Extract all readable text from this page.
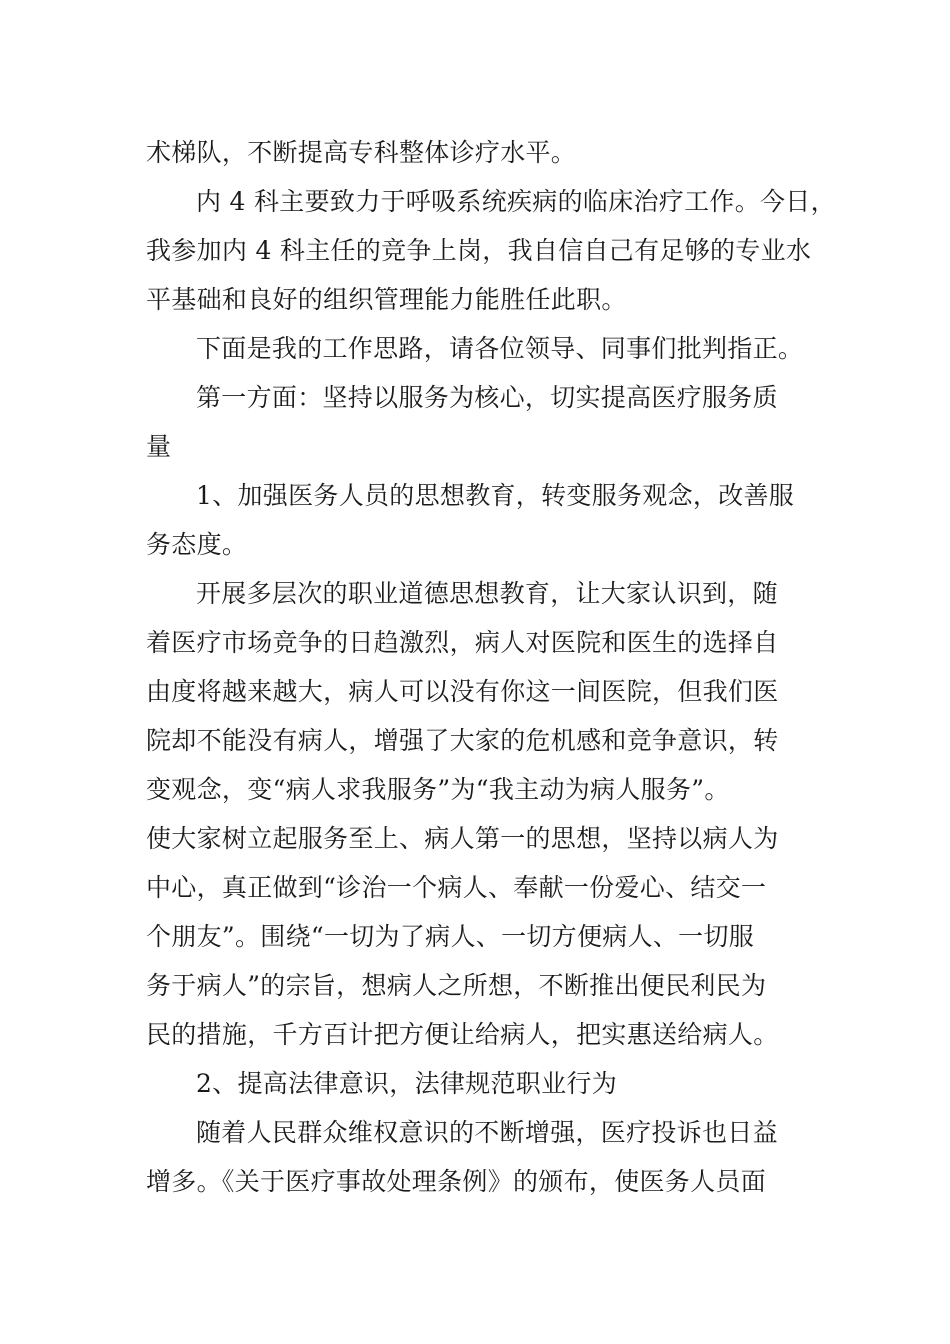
术梯队，不断提高专科整体诊疗水平。
内 4 科主要致力于呼吸系统疾病的临床治疗工作。今日，
我参加内 4 科主任的竞争上岗，我自信自己有足够的专业水
平基础和良好的组织管理能力能胜任此职。
下面是我的工作思路，请各位领导、同事们批判指正。
第一方面：坚持以服务为核心，切实提高医疗服务质
量
1、加强医务人员的思想教育，转变服务观念，改善服
务态度。
开展多层次的职业道德思想教育，让大家认识到，随
着医疗市场竞争的日趋激烈，病人对医院和医生的选择自
由度将越来越大，病人可以没有你这一间医院，但我们医
院却不能没有病人，增强了大家的危机感和竞争意识，转
变观念，变“病人求我服务”为“我主动为病人服务”。
使大家树立起服务至上、病人第一的思想，坚持以病人为
中心，真正做到“诊治一个病人、奉献一份爱心、结交一
个朋友”。围绕“一切为了病人、一切方便病人、一切服
务于病人”的宗旨，想病人之所想，不断推出便民利民为
民的措施，千方百计把方便让给病人，把实惠送给病人。
2、提高法律意识，法律规范职业行为
随着人民群众维权意识的不断增强，医疗投诉也日益
增多。《关于医疗事故处理条例》的颁布，使医务人员面
